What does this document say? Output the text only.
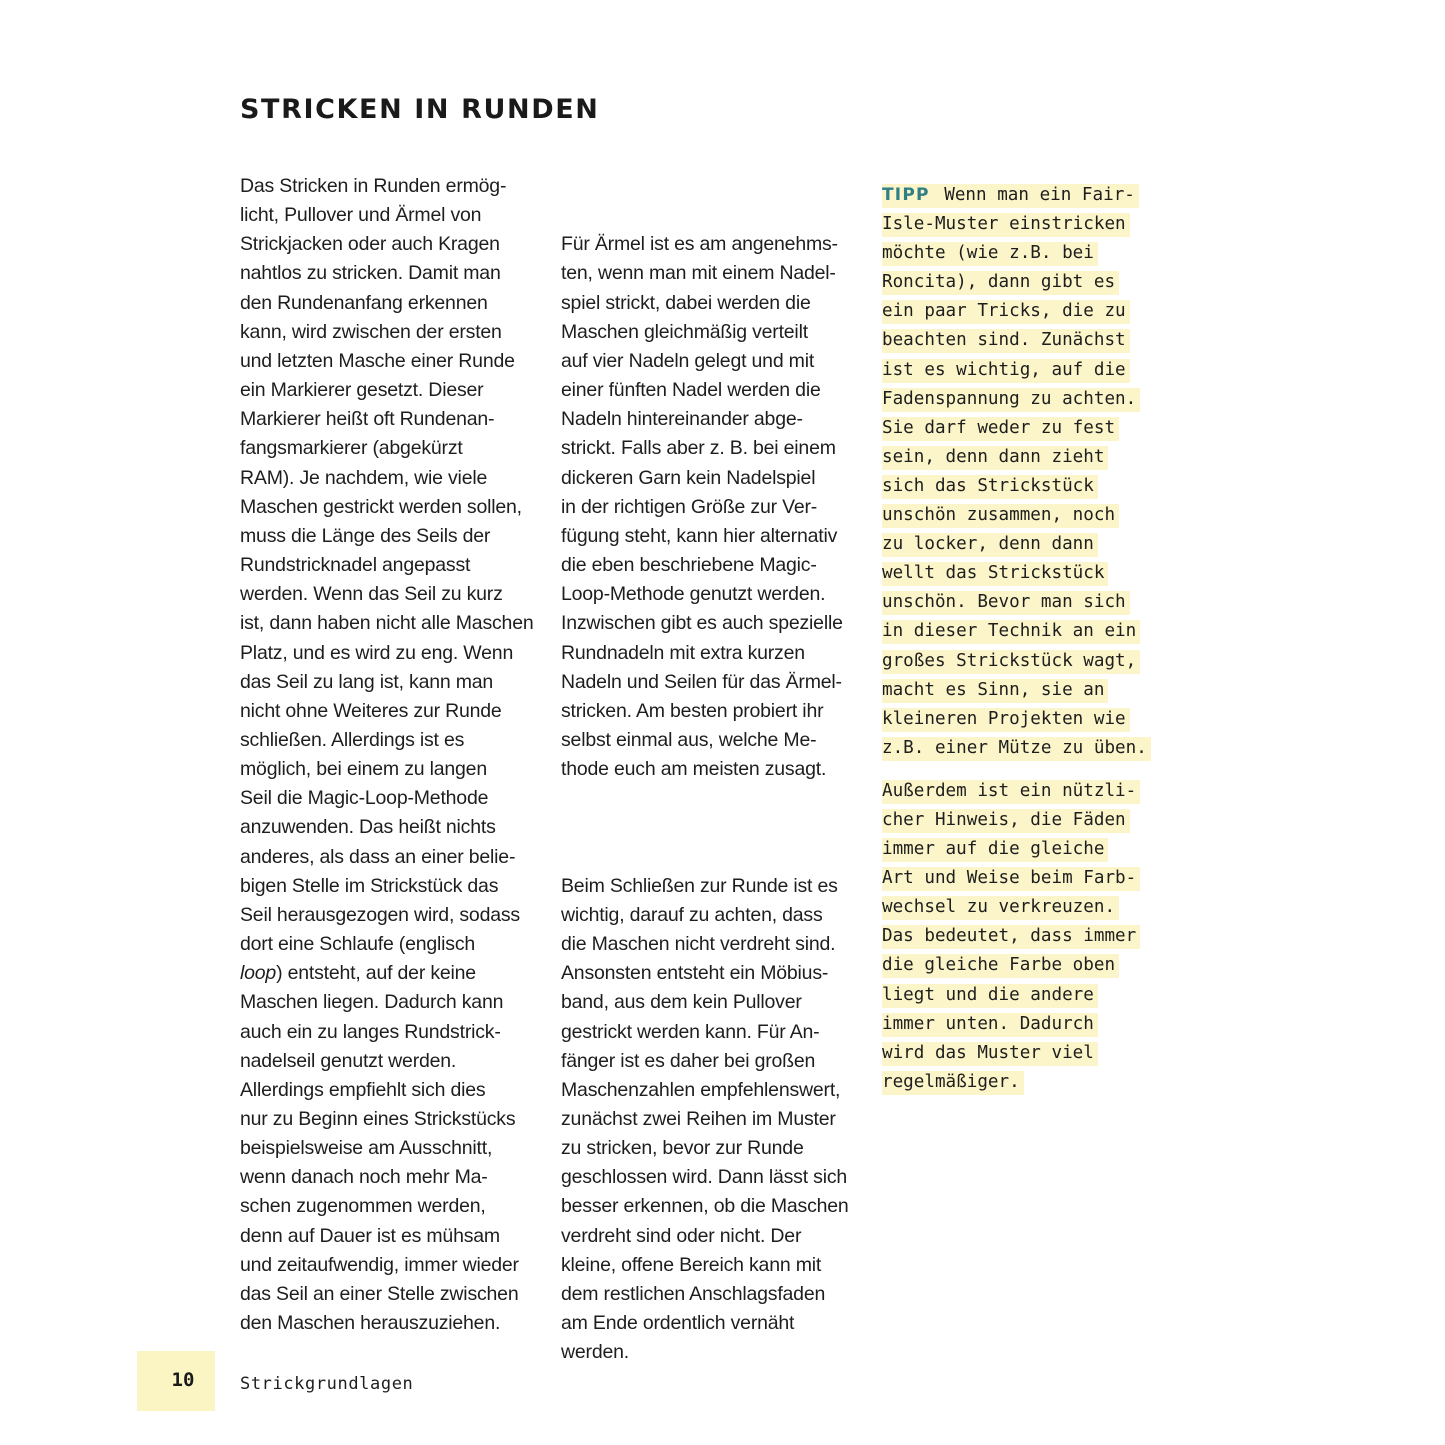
STRICKEN IN RUNDEN
Das Stricken in Runden ermög-
licht, Pullover und Ärmel von
Strickjacken oder auch Kragen
nahtlos zu stricken. Damit man
den Rundenanfang erkennen
kann, wird zwischen der ersten
und letzten Masche einer Runde
ein Markierer gesetzt. Dieser
Markierer heißt oft Rundenan-
fangsmarkierer (abgekürzt
RAM). Je nachdem, wie viele
Maschen gestrickt werden sollen,
muss die Länge des Seils der
Rundstricknadel angepasst
werden. Wenn das Seil zu kurz
ist, dann haben nicht alle Maschen
Platz, und es wird zu eng. Wenn
das Seil zu lang ist, kann man
nicht ohne Weiteres zur Runde
schließen. Allerdings ist es
möglich, bei einem zu langen
Seil die Magic-Loop-Methode
anzuwenden. Das heißt nichts
anderes, als dass an einer belie-
bigen Stelle im Strickstück das
Seil herausgezogen wird, sodass
dort eine Schlaufe (englisch
loop) entsteht, auf der keine
Maschen liegen. Dadurch kann
auch ein zu langes Rundstrick-
nadelseil genutzt werden.
Allerdings empfiehlt sich dies
nur zu Beginn eines Strickstücks
beispielsweise am Ausschnitt,
wenn danach noch mehr Ma-
schen zugenommen werden,
denn auf Dauer ist es mühsam
und zeitaufwendig, immer wieder
das Seil an einer Stelle zwischen
den Maschen herauszuziehen.

Für Ärmel ist es am angenehms-
ten, wenn man mit einem Nadel-
spiel strickt, dabei werden die
Maschen gleichmäßig verteilt
auf vier Nadeln gelegt und mit
einer fünften Nadel werden die
Nadeln hintereinander abge-
strickt. Falls aber z. B. bei einem
dickeren Garn kein Nadelspiel
in der richtigen Größe zur Ver-
fügung steht, kann hier alternativ
die eben beschriebene Magic-
Loop-Methode genutzt werden.
Inzwischen gibt es auch spezielle
Rundnadeln mit extra kurzen
Nadeln und Seilen für das Ärmel-
stricken. Am besten probiert ihr
selbst einmal aus, welche Me-
thode euch am meisten zusagt.

Beim Schließen zur Runde ist es
wichtig, darauf zu achten, dass
die Maschen nicht verdreht sind.
Ansonsten entsteht ein Möbius-
band, aus dem kein Pullover
gestrickt werden kann. Für An-
fänger ist es daher bei großen
Maschenzahlen empfehlenswert,
zunächst zwei Reihen im Muster
zu stricken, bevor zur Runde
geschlossen wird. Dann lässt sich
besser erkennen, ob die Maschen
verdreht sind oder nicht. Der
kleine, offene Bereich kann mit
dem restlichen Anschlagsfaden
am Ende ordentlich vernäht
werden.

TIPP Wenn man ein Fair-
Isle-Muster einstricken
möchte (wie z.B. bei
Roncita), dann gibt es
ein paar Tricks, die zu
beachten sind. Zunächst
ist es wichtig, auf die
Fadenspannung zu achten.
Sie darf weder zu fest
sein, denn dann zieht
sich das Strickstück
unschön zusammen, noch
zu locker, denn dann
wellt das Strickstück
unschön. Bevor man sich
in dieser Technik an ein
großes Strickstück wagt,
macht es Sinn, sie an
kleineren Projekten wie
z.B. einer Mütze zu üben.
Außerdem ist ein nützli-
cher Hinweis, die Fäden
immer auf die gleiche
Art und Weise beim Farb-
wechsel zu verkreuzen.
Das bedeutet, dass immer
die gleiche Farbe oben
liegt und die andere
immer unten. Dadurch
wird das Muster viel
regelmäßiger.
10	Strickgrundlagen
